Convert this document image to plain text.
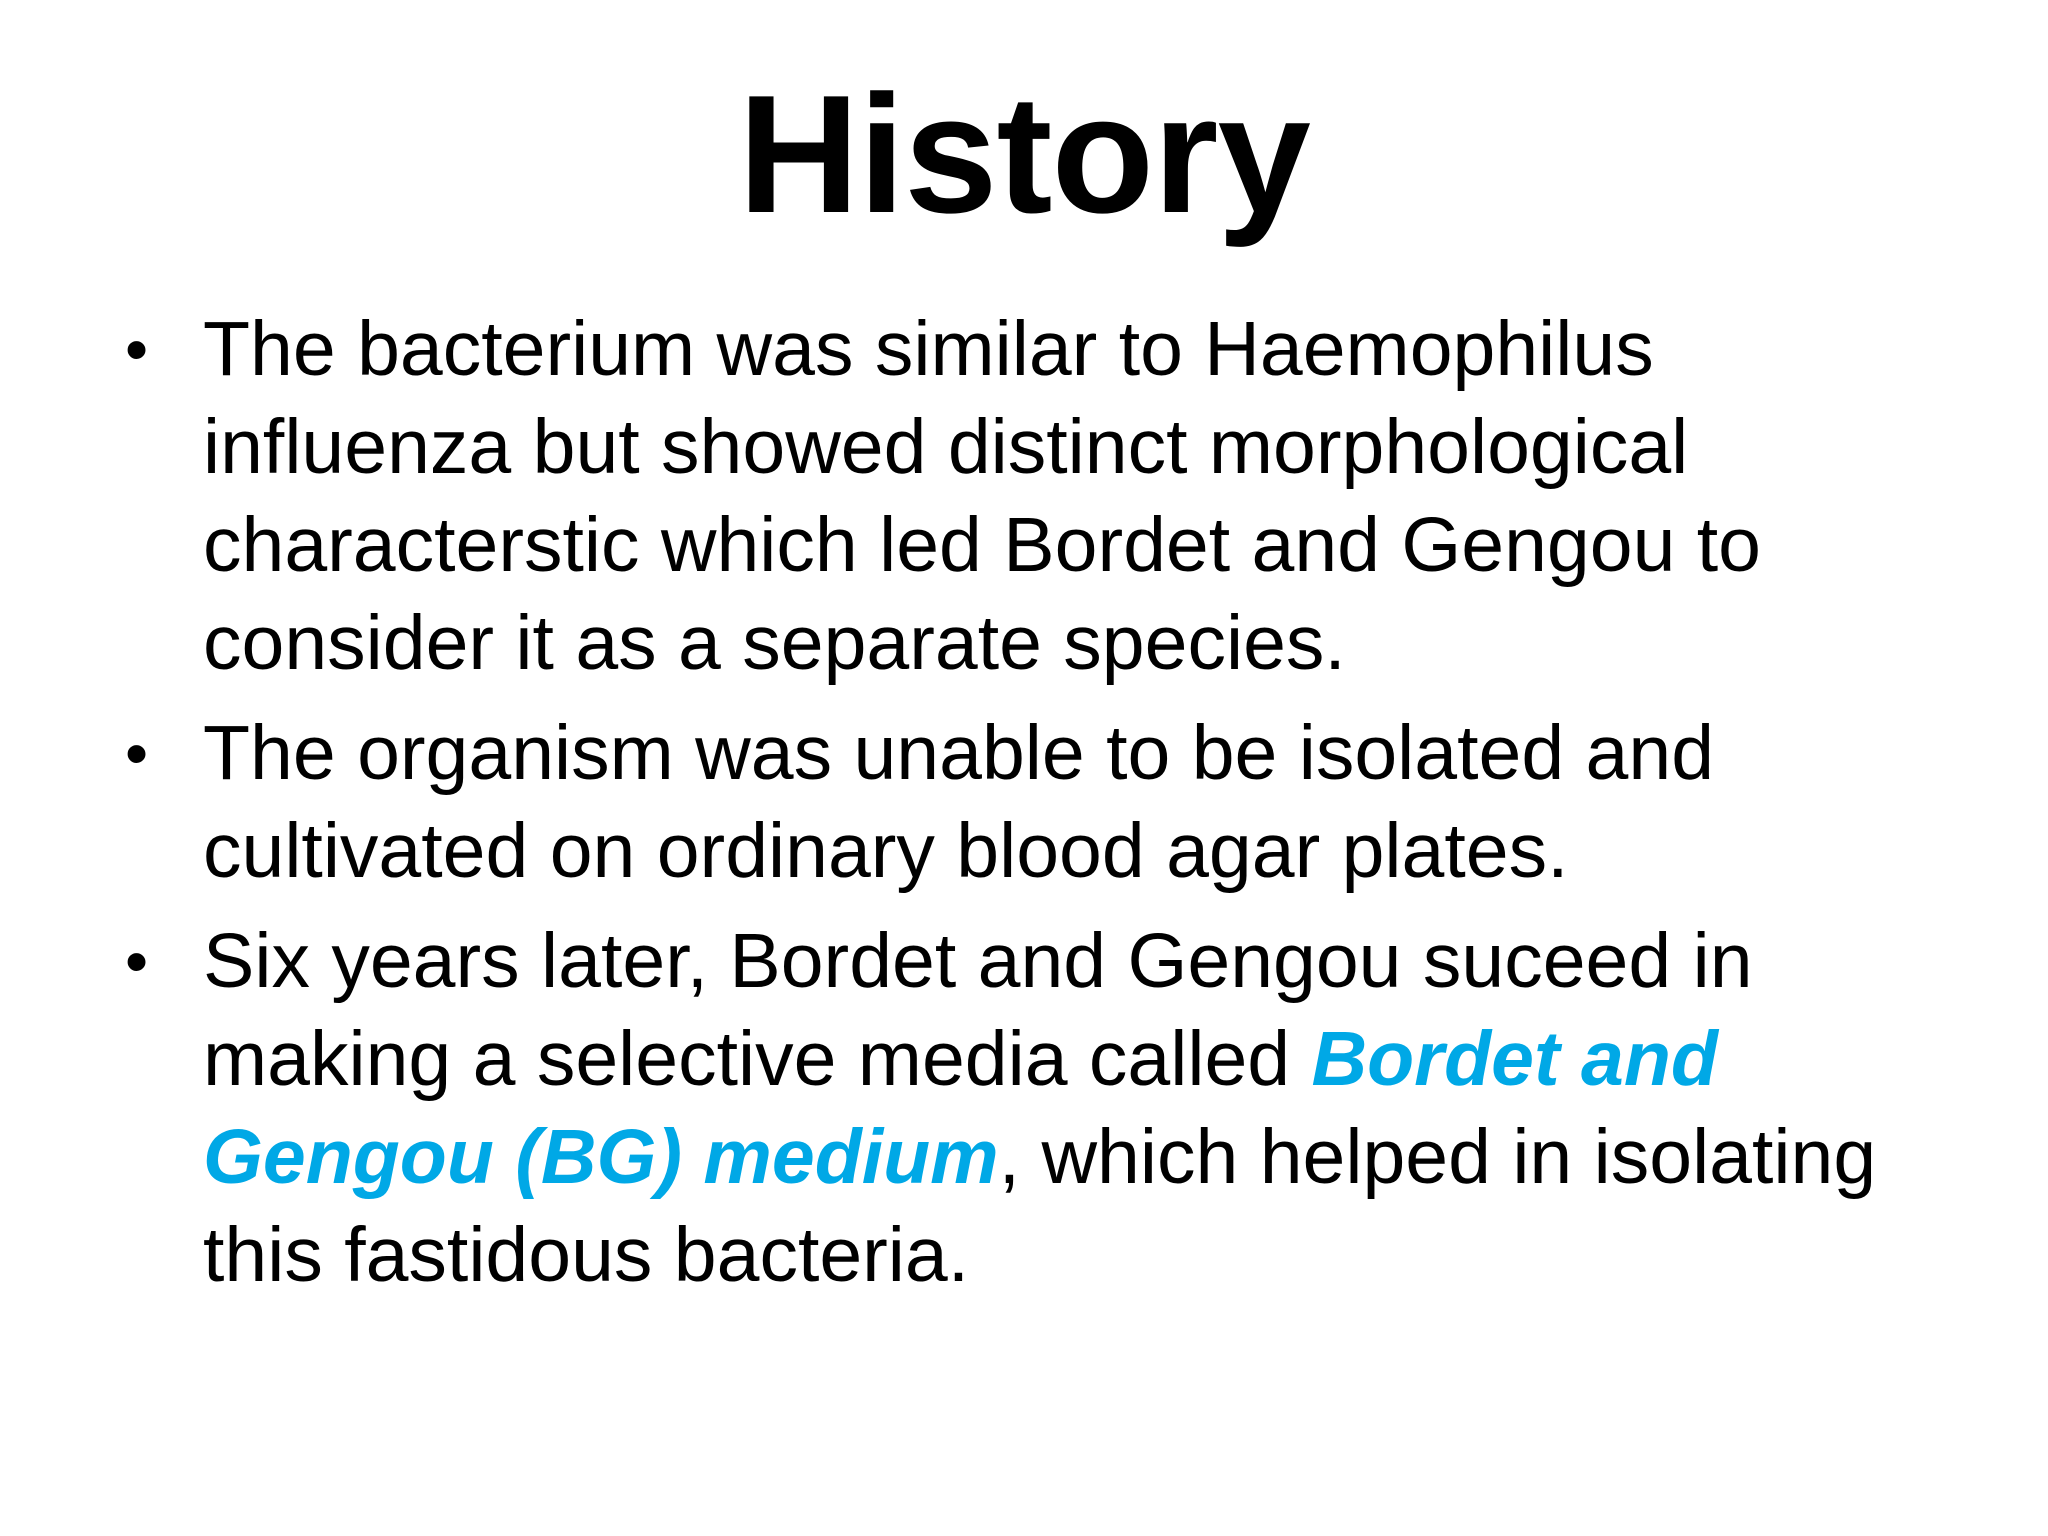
History
• The bacterium was similar to Haemophilus influenza but showed distinct morphological characterstic which led Bordet and Gengou to consider it as a separate species.
• The organism was unable to be isolated and cultivated on ordinary blood agar plates.
• Six years later, Bordet and Gengou suceed in making a selective media called Bordet and Gengou (BG) medium, which helped in isolating this fastidous bacteria.
